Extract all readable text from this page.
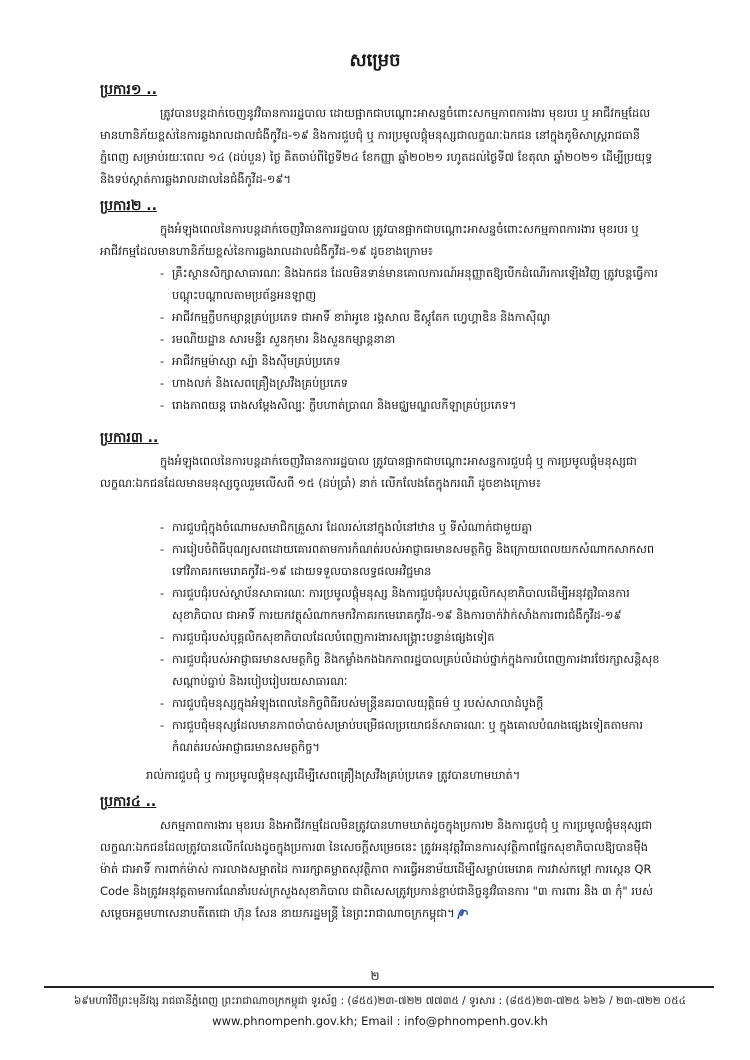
សម្រេច
ប្រការ១ ..
ត្រូវបានបន្តដាក់ចេញនូវវិធានការរដ្ឋបាល ដោយផ្អាកជាបណ្ដោះអាសន្នចំពោះសកម្មភាពការងារ មុខរបរ ឬ អាជីវកម្មដែលមានហានិភ័យខ្ពស់នៃការឆ្លងរាលដាលជំងឺកូវីដ-១៩ និងការជួបជុំ ឬ ការប្រមូលផ្ដុំមនុស្សជាលក្ខណៈឯកជន នៅក្នុងភូមិសាស្ត្ររាជធានីភ្នំពេញ សម្រាប់រយៈពេល ១៤ (ដប់បួន) ថ្ងៃ គិតចាប់ពីថ្ងៃទី២៤ ខែកញ្ញា ឆ្នាំ២០២១ រហូតដល់ថ្ងៃទី៧ ខែតុលា ឆ្នាំ២០២១ ដើម្បីប្រយុទ្ធ និងទប់ស្កាត់ការឆ្លងរាលដាលនៃជំងឺកូវីដ-១៩។
ប្រការ២ ..
ក្នុងអំឡុងពេលនៃការបន្តដាក់ចេញវិធានការរដ្ឋបាល ត្រូវបានផ្អាកជាបណ្ដោះអាសន្នចំពោះសកម្មភាពការងារ មុខរបរ ឬ អាជីវកម្មដែលមានហានិភ័យខ្ពស់នៃការឆ្លងរាលដាលជំងឺកូវីដ-១៩ ដូចខាងក្រោម៖
- គ្រឹះស្ថានសិក្សាសាធារណៈ និងឯកជន ដែលមិនទាន់មានគោលការណ៍អនុញ្ញាតឱ្យបើកដំណើរការឡើងវិញ ត្រូវបន្តធ្វើការបណ្ដុះបណ្ដាលតាមប្រព័ន្ធអនឡាញ
- អាជីវកម្មក្លឹបកម្សាន្តគ្រប់ប្រភេទ ជាអាទិ៍ ខារ៉ាអូខេ រង្គសាល ឌីស្កូតែក ហ្វេហ្គាឌិន និងកាស៊ីណូ
- រមណីយដ្ឋាន សារមន្ទីរ សួនកុមារ និងសួនកម្សាន្តនានា
- អាជីវកម្មម៉ាស្សា ស្ប៉ា និងស៊ីមគ្រប់ប្រភេទ
- ហាងលក់ និងសេពគ្រឿងស្រវឹងគ្រប់ប្រភេទ
- រោងភាពយន្ត រោងសម្ដែងសិល្បៈ ក្លឹបហាត់ប្រាណ និងមជ្ឈមណ្ឌលកីឡាគ្រប់ប្រភេទ។
ប្រការ៣ ..
ក្នុងអំឡុងពេលនៃការបន្តដាក់ចេញវិធានការរដ្ឋបាល ត្រូវបានផ្អាកជាបណ្ដោះអាសន្នការជួបជុំ ឬ ការប្រមូលផ្ដុំមនុស្សជាលក្ខណៈឯកជនដែលមានមនុស្សចូលរួមលើសពី ១៥ (ដប់ប្រាំ) នាក់ លើកលែងតែក្នុងករណី ដូចខាងក្រោម៖
- ការជួបជុំក្នុងចំណោមសមាជិកគ្រួសារ ដែលរស់នៅក្នុងលំនៅឋាន ឬ ទីសំណាក់ជាមួយគ្នា
- ការរៀបចំពិធីបុណ្យសពដោយគោរពតាមការកំណត់របស់អាជ្ញាធរមានសមត្ថកិច្ច និងក្រោយពេលយកសំណាកសាកសពទៅវិភាគរកមេរោគកូវីដ-១៩ ដោយទទួលបានលទ្ធផលអវិជ្ជមាន
- ការជួបជុំរបស់ស្ថាប័នសាធារណៈ ការប្រមូលផ្ដុំមនុស្ស និងការជួបជុំរបស់បុគ្គលិកសុខាភិបាលដើម្បីអនុវត្តវិធានការសុខាភិបាល ជាអាទិ៍ ការយកវត្ថុសំណាកមកវិភាគរកមេរោគកូវីដ-១៩ និងការចាក់វ៉ាក់សាំងការពារជំងឺកូវីដ-១៩
- ការជួបជុំរបស់បុគ្គលិកសុខាភិបាលដែលបំពេញការងារសង្គ្រោះបន្ទាន់ផ្សេងទៀត
- ការជួបជុំរបស់អាជ្ញាធរមានសមត្ថកិច្ច និងកម្លាំងកងឯកភាពរដ្ឋបាលគ្រប់លំដាប់ថ្នាក់ក្នុងការបំពេញការងារថែរក្សាសន្តិសុខ សណ្ដាប់ធ្នាប់ និងរបៀបរៀបរយសាធារណៈ
- ការជួបជុំមនុស្សក្នុងអំឡុងពេលនៃកិច្ចពិធីរបស់មន្ត្រីនគរបាលយុត្តិធម៌ ឬ របស់សាលាដំបូងក្ដី
- ការជួបជុំមនុស្សដែលមានភាពចាំបាច់សម្រាប់បម្រើផលប្រយោជន៍សាធារណៈ ឬ ក្នុងគោលបំណងផ្សេងទៀតតាមការកំណត់របស់អាជ្ញាធរមានសមត្ថកិច្ច។
រាល់ការជួបជុំ ឬ ការប្រមូលផ្ដុំមនុស្សដើម្បីសេពគ្រឿងស្រវឹងគ្រប់ប្រភេទ ត្រូវបានហាមឃាត់។
ប្រការ៤ ..
សកម្មភាពការងារ មុខរបរ និងអាជីវកម្មដែលមិនត្រូវបានហាមឃាត់ដូចក្នុងប្រការ២ និងការជួបជុំ ឬ ការប្រមូលផ្ដុំមនុស្សជាលក្ខណៈឯកជនដែលត្រូវបានលើកលែងដូចក្នុងប្រការ៣ នៃសេចក្ដីសម្រេចនេះ ត្រូវអនុវត្តវិធានការសុវត្ថិភាពផ្នែកសុខាភិបាលឱ្យបានម៉ឺងម៉ាត់ ជាអាទិ៍ ការពាក់ម៉ាស់ ការលាងសម្អាតដៃ ការរក្សាគម្លាតសុវត្ថិភាព ការធ្វើអនាម័យដើម្បីសម្លាប់មេរោគ ការវាស់កម្ដៅ ការស្កេន QR Code និងត្រូវអនុវត្តតាមការណែនាំរបស់ក្រសួងសុខាភិបាល ជាពិសេសត្រូវប្រកាន់ខ្ជាប់ជានិច្ចនូវវិធានការ "៣ ការពារ និង ៣ កុំ" របស់ សម្ដេចអគ្គមហាសេនាបតីតេជោ ហ៊ុន សែន នាយករដ្ឋមន្ត្រី នៃព្រះរាជាណាចក្រកម្ពុជា។
២
៦៩មហាវិថីព្រះមុនីវង្ស រាជធានីភ្នំពេញ ព្រះរាជាណាចក្រកម្ពុជា ទូរស័ព្ទ : (៨៥៥)២៣-៧២២ ៧៧៣៥ / ទូរសារ : (៨៥៥)២៣-៧២៥ ៦២៦ / ២៣-៧២២ ០៥៤
www.phnompenh.gov.kh; Email : info@phnompenh.gov.kh
